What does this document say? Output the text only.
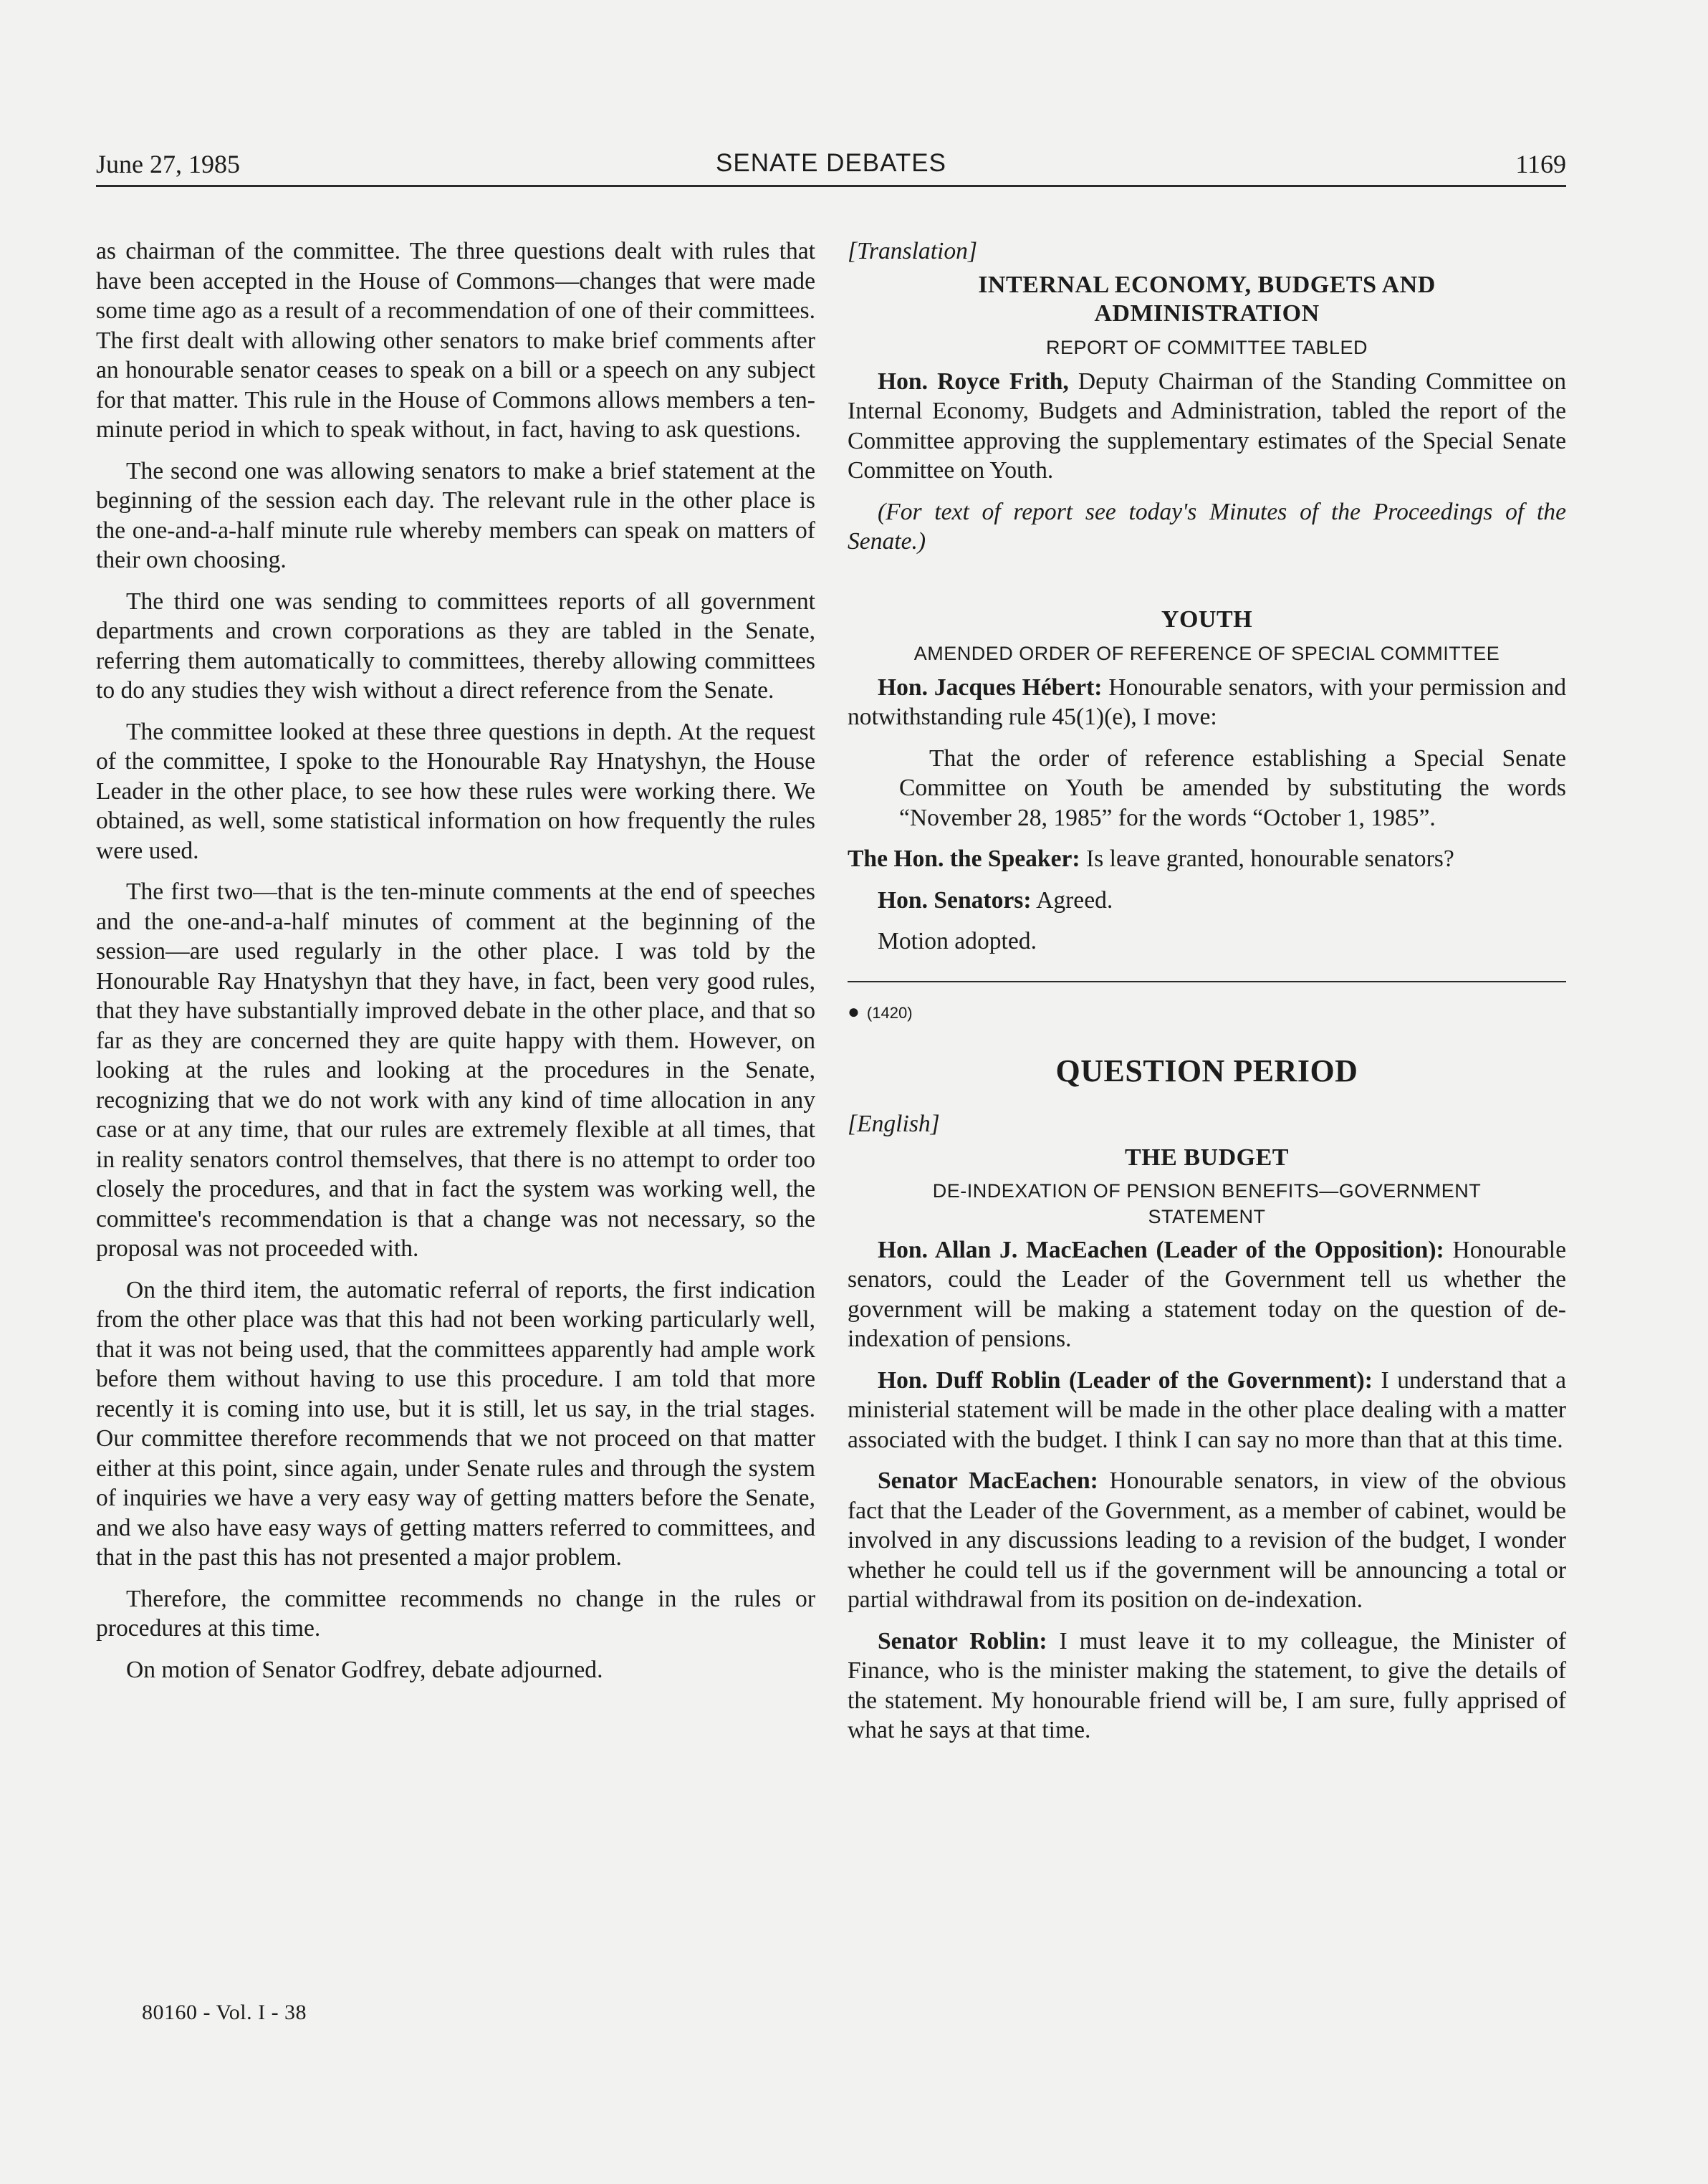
June 27, 1985	SENATE DEBATES	1169

as chairman of the committee. The three questions dealt with rules that have been accepted in the House of Commons—changes that were made some time ago as a result of a recommendation of one of their committees. The first dealt with allowing other senators to make brief comments after an honourable senator ceases to speak on a bill or a speech on any subject for that matter. This rule in the House of Commons allows members a ten-minute period in which to speak without, in fact, having to ask questions.

The second one was allowing senators to make a brief statement at the beginning of the session each day. The relevant rule in the other place is the one-and-a-half minute rule whereby members can speak on matters of their own choosing.

The third one was sending to committees reports of all government departments and crown corporations as they are tabled in the Senate, referring them automatically to committees, thereby allowing committees to do any studies they wish without a direct reference from the Senate.

The committee looked at these three questions in depth. At the request of the committee, I spoke to the Honourable Ray Hnatyshyn, the House Leader in the other place, to see how these rules were working there. We obtained, as well, some statistical information on how frequently the rules were used.

The first two—that is the ten-minute comments at the end of speeches and the one-and-a-half minutes of comment at the beginning of the session—are used regularly in the other place. I was told by the Honourable Ray Hnatyshyn that they have, in fact, been very good rules, that they have substantially improved debate in the other place, and that so far as they are concerned they are quite happy with them. However, on looking at the rules and looking at the procedures in the Senate, recognizing that we do not work with any kind of time allocation in any case or at any time, that our rules are extremely flexible at all times, that in reality senators control themselves, that there is no attempt to order too closely the procedures, and that in fact the system was working well, the committee's recommendation is that a change was not necessary, so the proposal was not proceeded with.

On the third item, the automatic referral of reports, the first indication from the other place was that this had not been working particularly well, that it was not being used, that the committees apparently had ample work before them without having to use this procedure. I am told that more recently it is coming into use, but it is still, let us say, in the trial stages. Our committee therefore recommends that we not proceed on that matter either at this point, since again, under Senate rules and through the system of inquiries we have a very easy way of getting matters before the Senate, and we also have easy ways of getting matters referred to committees, and that in the past this has not presented a major problem.

Therefore, the committee recommends no change in the rules or procedures at this time.

On motion of Senator Godfrey, debate adjourned.

[Translation]
INTERNAL ECONOMY, BUDGETS AND
ADMINISTRATION
REPORT OF COMMITTEE TABLED

Hon. Royce Frith, Deputy Chairman of the Standing Committee on Internal Economy, Budgets and Administration, tabled the report of the Committee approving the supplementary estimates of the Special Senate Committee on Youth.

(For text of report see today's Minutes of the Proceedings of the Senate.)

YOUTH
AMENDED ORDER OF REFERENCE OF SPECIAL COMMITTEE

Hon. Jacques Hébert: Honourable senators, with your permission and notwithstanding rule 45(1)(e), I move:

That the order of reference establishing a Special Senate Committee on Youth be amended by substituting the words “November 28, 1985” for the words “October 1, 1985”.

The Hon. the Speaker: Is leave granted, honourable senators?

Hon. Senators: Agreed.

Motion adopted.

● (1420)
QUESTION PERIOD
[English]
THE BUDGET
DE-INDEXATION OF PENSION BENEFITS—GOVERNMENT
STATEMENT

Hon. Allan J. MacEachen (Leader of the Opposition): Honourable senators, could the Leader of the Government tell us whether the government will be making a statement today on the question of de-indexation of pensions.

Hon. Duff Roblin (Leader of the Government): I understand that a ministerial statement will be made in the other place dealing with a matter associated with the budget. I think I can say no more than that at this time.

Senator MacEachen: Honourable senators, in view of the obvious fact that the Leader of the Government, as a member of cabinet, would be involved in any discussions leading to a revision of the budget, I wonder whether he could tell us if the government will be announcing a total or partial withdrawal from its position on de-indexation.

Senator Roblin: I must leave it to my colleague, the Minister of Finance, who is the minister making the statement, to give the details of the statement. My honourable friend will be, I am sure, fully apprised of what he says at that time.

80160 - Vol. I - 38
